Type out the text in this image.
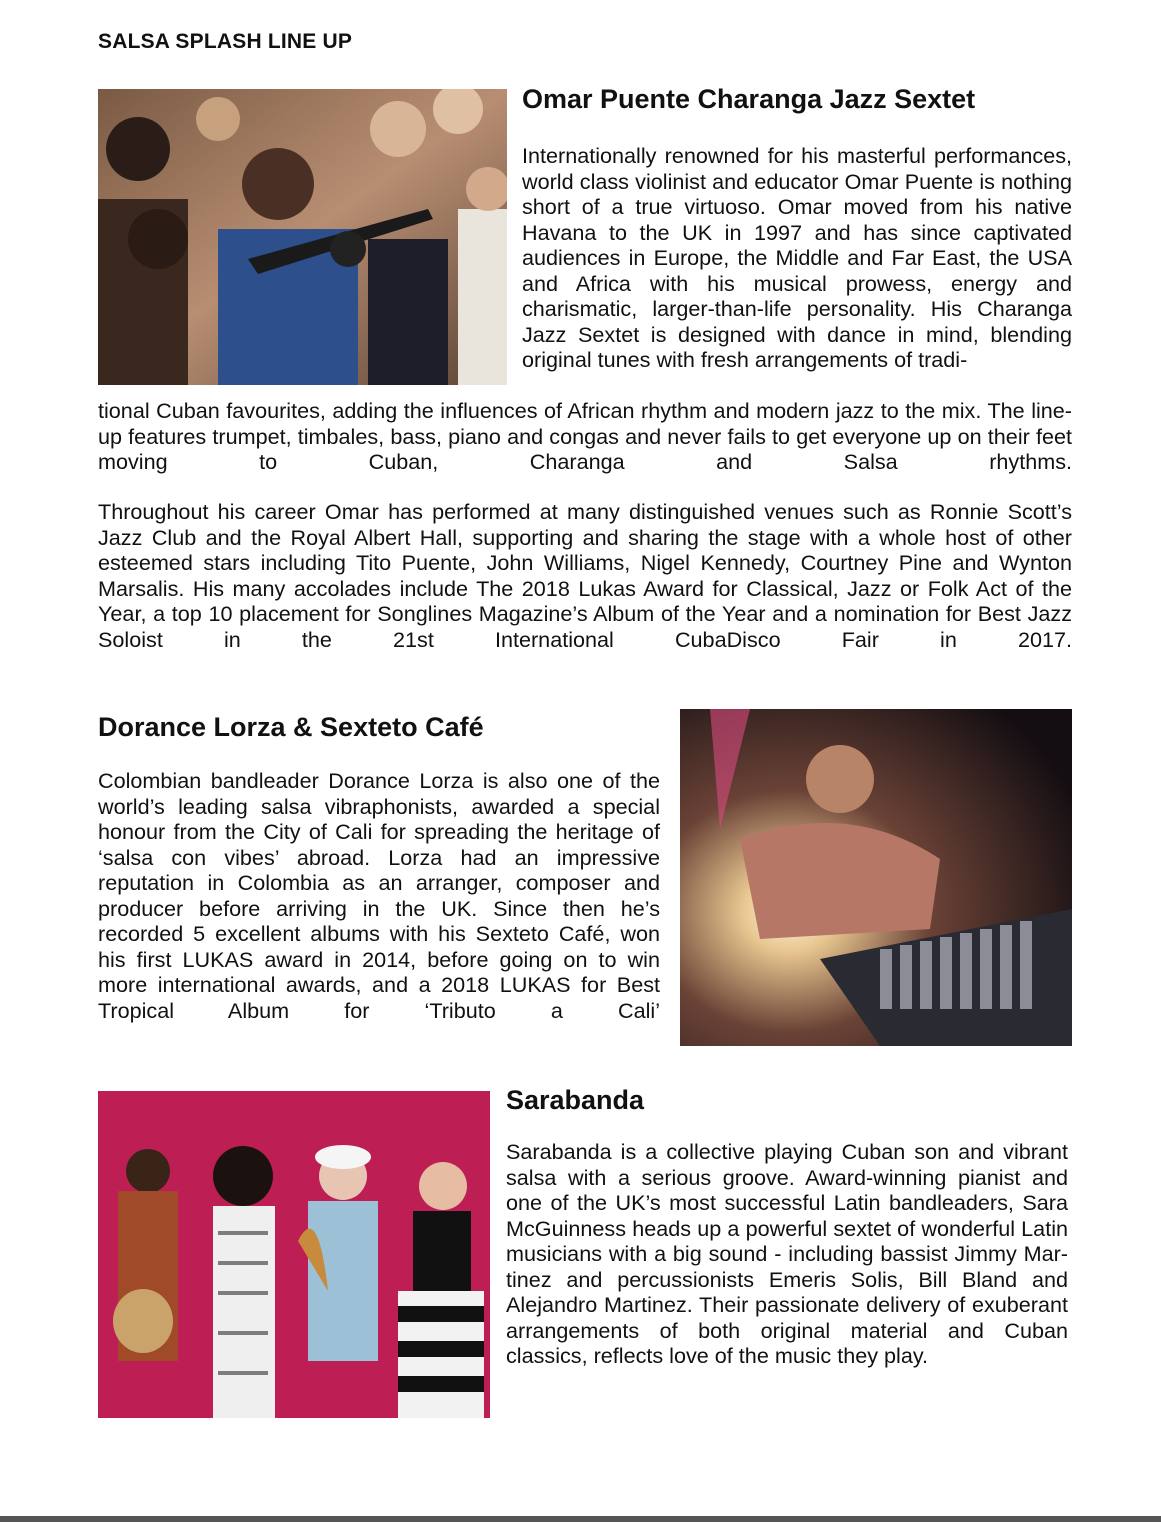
SALSA SPLASH LINE UP
Omar Puente Charanga Jazz Sextet

Internationally renowned for his masterful performances, world class violinist and educator Omar Puente is nothing short of a true virtuoso. Omar moved from his native Havana to the UK in 1997 and has since captivated audiences in Europe, the Middle and Far East, the USA and Africa with his musical prowess, energy and charismatic, larger-than-life personality. His Charanga Jazz Sextet is designed with dance in mind, blending original tunes with fresh arrangements of tradi-

tional Cuban favourites, adding the influences of African rhythm and modern jazz to the mix. The line-up features trumpet, timbales, bass, piano and congas and never fails to get everyone up on their feet moving to Cuban, Charanga and Salsa rhythms.

Throughout his career Omar has performed at many distinguished venues such as Ronnie Scott’s Jazz Club and the Royal Albert Hall, supporting and sharing the stage with a whole host of other esteemed stars including Tito Puente, John Williams, Nigel Kennedy, Courtney Pine and Wynton Marsalis. His many accolades include The 2018 Lukas Award for Classical, Jazz or Folk Act of the Year, a top 10 placement for Songlines Magazine’s Album of the Year and a nomination for Best Jazz Soloist in the 21st International CubaDisco Fair in 2017.

Dorance Lorza & Sexteto Café

Colombian bandleader Dorance Lorza is also one of the world’s leading salsa vibraphonists, awarded a special honour from the City of Cali for spreading the heritage of ‘salsa con vibes’ abroad. Lorza had an impressive reputation in Colombia as an arranger, composer and producer before arriving in the UK. Since then he’s recorded 5 excellent albums with his Sexteto Café, won his first LUKAS award in 2014, before going on to win more international awards, and a 2018 LUKAS for Best Tropical Album for ‘Tributo a Cali’

Sarabanda

Sarabanda is a collective playing Cuban son and vibrant salsa with a serious groove. Award-winning pianist and one of the UK’s most successful Latin bandleaders, Sara McGuinness heads up a powerful sextet of wonderful Latin musicians with a big sound - including bassist Jimmy Martinez and percussionists Emeris Solis, Bill Bland and Alejandro Martinez. Their passionate delivery of exuberant arrangements of both original material and Cuban classics, reflects love of the music they play.
